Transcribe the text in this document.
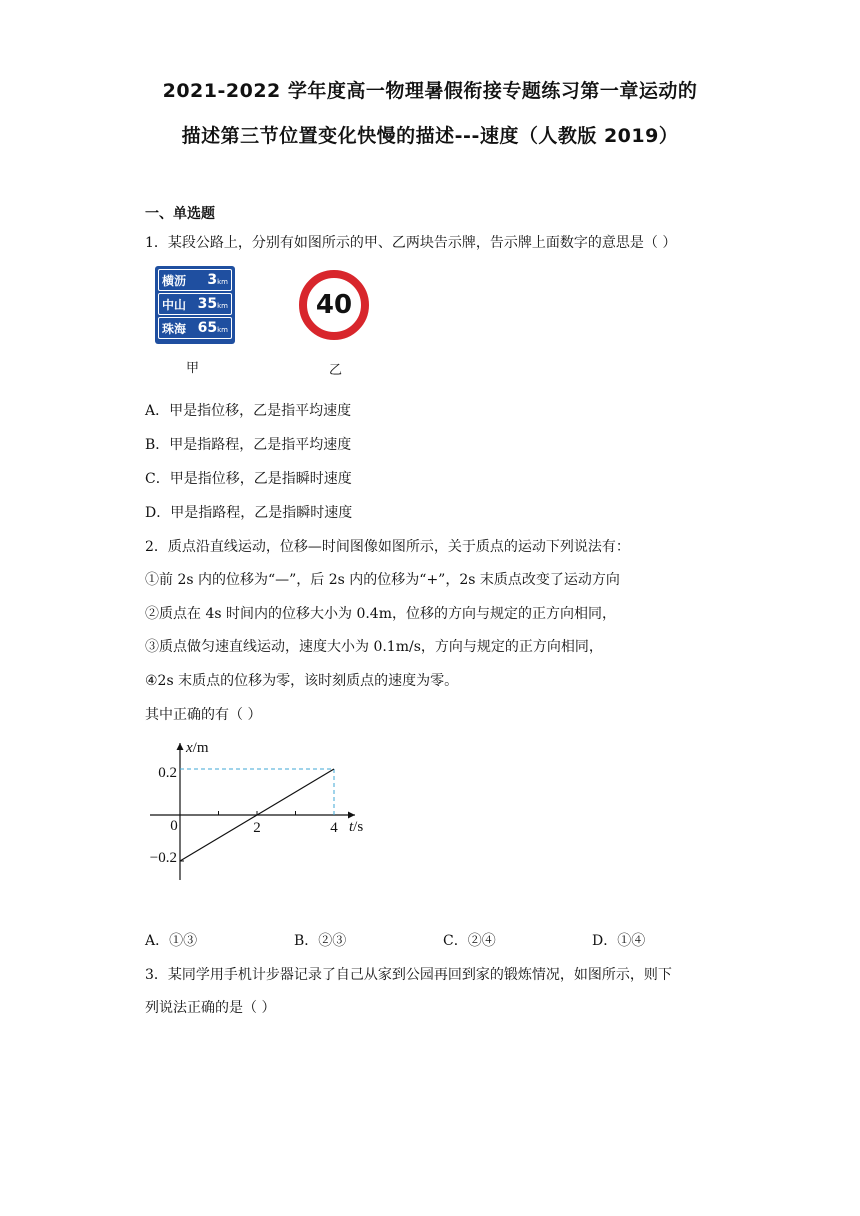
2021-2022 学年度高一物理暑假衔接专题练习第一章运动的
描述第三节位置变化快慢的描述---速度（人教版 2019）
一、单选题
1．某段公路上，分别有如图所示的甲、乙两块告示牌，告示牌上面数字的意思是（ ）
横沥 3km
中山 35km
珠海 65km
甲
40
乙
A．甲是指位移，乙是指平均速度
B．甲是指路程，乙是指平均速度
C．甲是指位移，乙是指瞬时速度
D．甲是指路程，乙是指瞬时速度
2．质点沿直线运动，位移—时间图像如图所示，关于质点的运动下列说法有：
①前 2s 内的位移为“—”，后 2s 内的位移为“+”，2s 末质点改变了运动方向
②质点在 4s 时间内的位移大小为 0.4m，位移的方向与规定的正方向相同，
③质点做匀速直线运动，速度大小为 0.1m/s，方向与规定的正方向相同，
④2s 末质点的位移为零，该时刻质点的速度为零。
其中正确的有（ ）
x/m
t/s
0	2	4
0.2
−0.2
A．①③	B．②③	C．②④	D．①④
3．某同学用手机计步器记录了自己从家到公园再回到家的锻炼情况，如图所示，则下
列说法正确的是（ ）
